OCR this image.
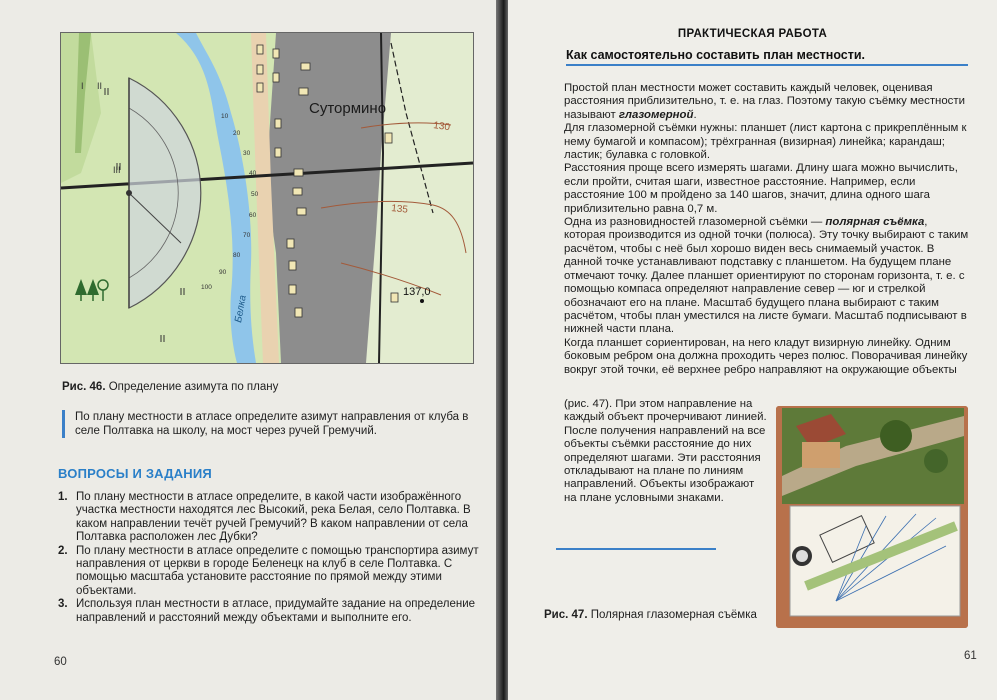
10
20
30
40
50
60
70
80
90
100
Сутормино
130
135
137,0
Белка
I II
III
Рис. 46. Определение азимута по плану
По плану местности в атласе определите азимут направления от клуба в селе Полтавка на школу, на мост через ручей Гремучий.
ВОПРОСЫ И ЗАДАНИЯ
1. По плану местности в атласе определите, в какой части изображённого участка местности находятся лес Высокий, река Белая, село Полтавка. В каком направлении течёт ручей Гремучий? В каком направлении от села Полтавка расположен лес Дубки?
2. По плану местности в атласе определите с помощью транспортира азимут направления от церкви в городе Беленецк на клуб в селе Полтавка. С помощью масштаба установите расстояние по прямой между этими объектами.
3. Используя план местности в атласе, придумайте задание на определение направлений и расстояний между объектами и выполните его.
60
ПРАКТИЧЕСКАЯ РАБОТА
Как самостоятельно составить план местности.

Простой план местности может составить каждый человек, оценивая расстояния приблизительно, т. е. на глаз. Поэтому такую съёмку местности называют глазомерной.

Для глазомерной съёмки нужны: планшет (лист картона с прикреплённым к нему бумагой и компасом); трёхгранная (визирная) линейка; карандаш; ластик; булавка с головкой.

Расстояния проще всего измерять шагами. Длину шага можно вычислить, если пройти, считая шаги, известное расстояние. Например, если расстояние 100 м пройдено за 140 шагов, значит, длина одного шага приблизительно равна 0,7 м.

Одна из разновидностей глазомерной съёмки — полярная съёмка, которая производится из одной точки (полюса). Эту точку выбирают с таким расчётом, чтобы с неё был хорошо виден весь снимаемый участок. В данной точке устанавливают подставку с планшетом. На будущем плане отмечают точку. Далее планшет ориентируют по сторонам горизонта, т. е. с помощью компаса определяют направление север — юг и стрелкой обозначают его на плане. Масштаб будущего плана выбирают с таким расчётом, чтобы план уместился на листе бумаги. Масштаб подписывают в нижней части плана.

Когда планшет сориентирован, на него кладут визирную линейку. Одним боковым ребром она должна проходить через полюс. Поворачивая линейку вокруг этой точки, её верхнее ребро направляют на окружающие объекты

(рис. 47). При этом направление на каждый объект прочерчивают линией. После получения направлений на все объекты съёмки расстояние до них определяют шагами. Эти расстояния откладывают на плане по линиям направлений. Объекты изображают на плане условными знаками.
Рис. 47. Полярная глазомерная съёмка
61
